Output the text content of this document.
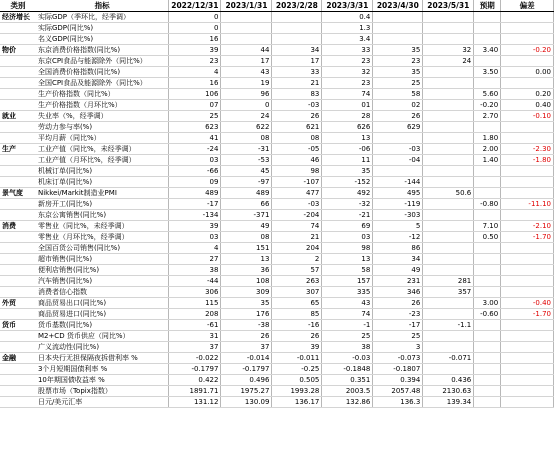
类别	指标	2022/12/31	2023/1/31	2023/2/28	2023/3/31	2023/4/30	2023/5/31	预期	偏差
经济增长	实际GDP（季环比，经季调）	0			0.4				
	实际GDP(同比%)	0			1.3				
	名义GDP(同比%)	16			3.4				
物价	东京消费价格指数(同比%)	39	44	34	33	35	32	3.40	-0.20
	东京CPI食品与能源除外（同比%）	23	17	17	23	23	24		
	全国消费价格指数(同比%)	4	43	33	32	35		3.50	0.00
	全国CPI食品及能源除外（同比%）	16	19	21	23	25			
	生产价格指数（同比%）	106	96	83	74	58		5.60	0.20
	生产价格指数（月环比%）	07	0	-03	01	02		-0.20	0.40
就业	失业率（%，经季调）	25	24	26	28	26		2.70	-0.10
	劳动力参与率(%)	623	622	621	626	629			
	平均月薪（同比%）	41	08	08	13			1.80	
生产	工业产值（同比%，未经季调）	-24	-31	-05	-06	-03		2.00	-2.30
	工业产值（月环比%，经季调）	03	-53	46	11	-04		1.40	-1.80
	机械订单(同比%)	-66	45	98	35				
	机床订单(同比%)	09	-97	-107	-152	-144			
景气度	Nikkei/Markit制造业PMI	489	489	477	492	495	50.6		
	新房开工(同比%)	-17	66	-03	-32	-119		-0.80	-11.10
	东京公寓销售(同比%)	-134	-371	-204	-21	-303			
消费	零售业（同比%，未经季调）	39	49	74	69	5		7.10	-2.10
	零售业（月环比%，经季调）	03	08	21	03	-12		0.50	-1.70
	全国百货公司销售(同比%)	4	151	204	98	86			
	超市销售(同比%)	27	13	2	13	34			
	便利店销售(同比%)	38	36	57	58	49			
	汽车销售(同比%)	-44	108	263	157	231	281		
	消费者信心指数	306	309	307	335	346	357		
外贸	商品贸易出口(同比%)	115	35	65	43	26		3.00	-0.40
	商品贸易进口(同比%)	208	176	85	74	-23		-0.60	-1.70
货币	货币基数(同比%)	-61	-38	-16	-1	-17	-1.1		
	M2+CD 货币供应（同比%）	31	26	26	25	25			
	广义流动性(同比%)	37	37	39	38	3			
金融	日本央行无担保隔夜拆借利率 %	-0.022	-0.014	-0.011	-0.03	-0.073	-0.071		
	3个月短期国债利率 %	-0.1797	-0.1797	-0.25	-0.1848	-0.1807			
	10年期国债收益率 %	0.422	0.496	0.505	0.351	0.394	0.436		
	股票市场（Topix指数）	1891.71	1975.27	1993.28	2003.5	2057.48	2130.63		
	日元/美元汇率	131.12	130.09	136.17	132.86	136.3	139.34		
